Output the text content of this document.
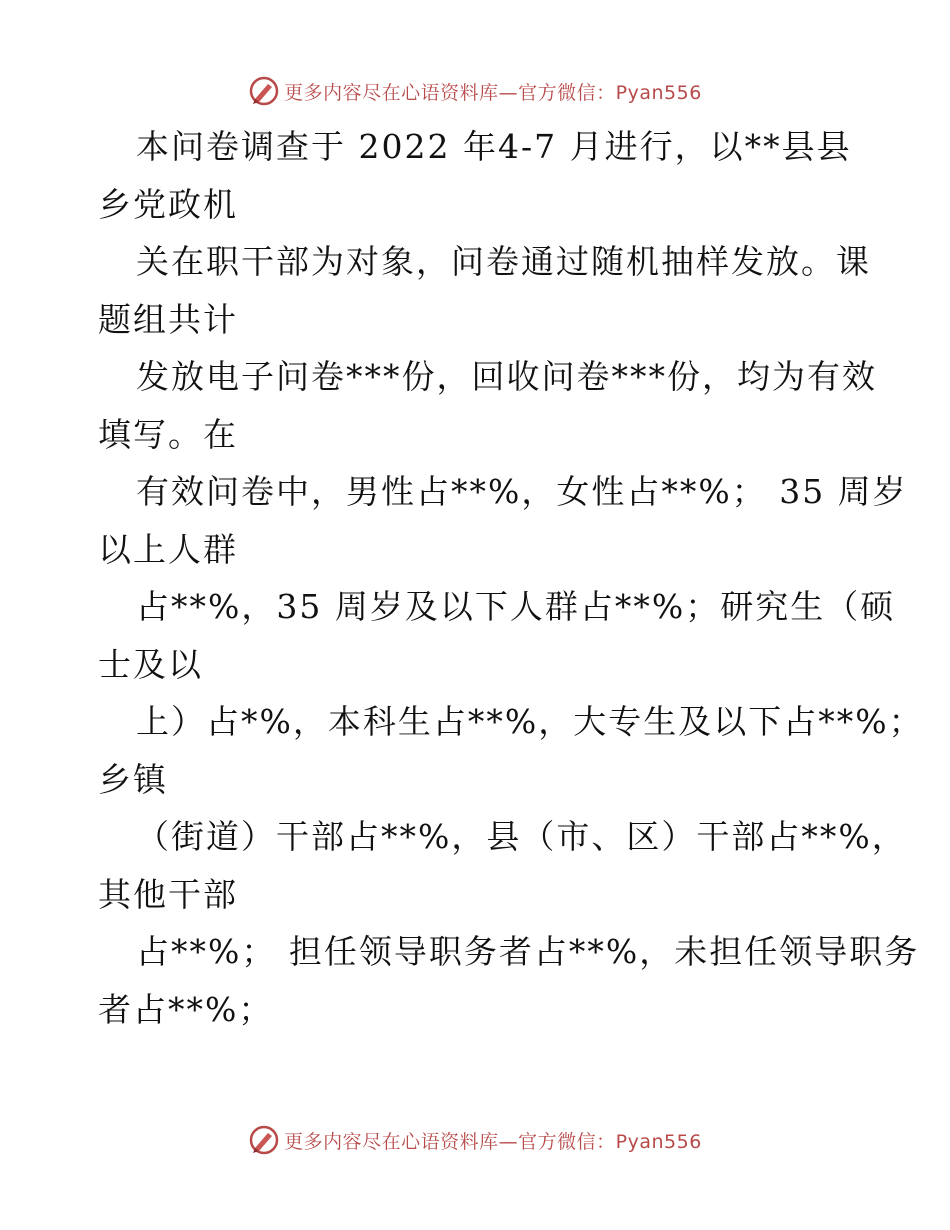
更多内容尽在心语资料库—官方微信：Pyan556
本问卷调查于 2022 年4-7 月进行，以**县县
乡党政机
关在职干部为对象，问卷通过随机抽样发放。课
题组共计
发放电子问卷***份，回收问卷***份，均为有效
填写。在
有效问卷中，男性占**%，女性占**%； 35 周岁
以上人群
占**%，35 周岁及以下人群占**%；研究生（硕
士及以
上）占*%，本科生占**%，大专生及以下占**%；
乡镇
（街道）干部占**%，县（市、区）干部占**%，
其他干部
占**%； 担任领导职务者占**%，未担任领导职务
者占**%；
更多内容尽在心语资料库—官方微信：Pyan556
